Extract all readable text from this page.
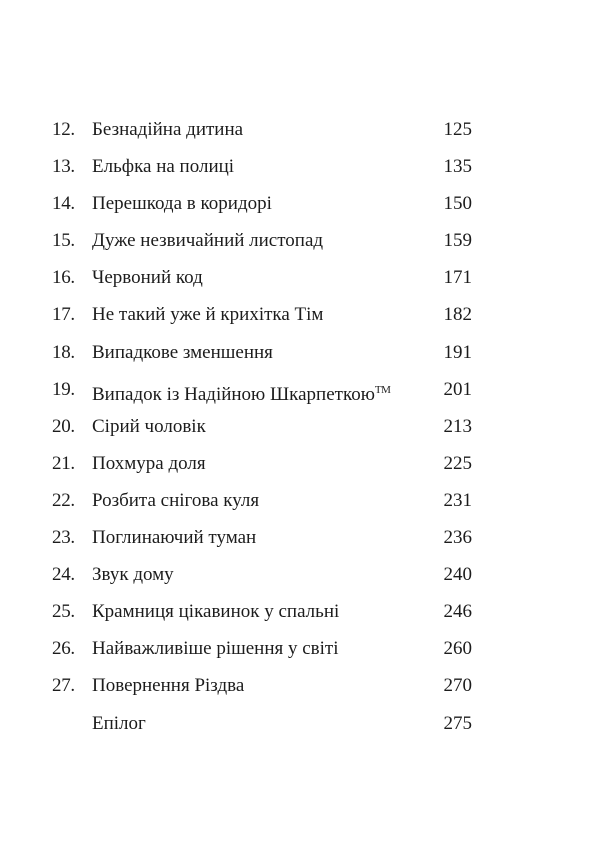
12. Безнадійна дитина	125
13. Ельфка на полиці	135
14. Перешкода в коридорі	150
15. Дуже незвичайний листопад	159
16. Червоний код	171
17. Не такий уже й крихітка Тім	182
18. Випадкове зменшення	191
19. Випадок із Надійною Шкарпеткою™	201
20. Сірий чоловік	213
21. Похмура доля	225
22. Розбита снігова куля	231
23. Поглинаючий туман	236
24. Звук дому	240
25. Крамниця цікавинок у спальні	246
26. Найважливіше рішення у світі	260
27. Повернення Різдва	270
Епілог	275
